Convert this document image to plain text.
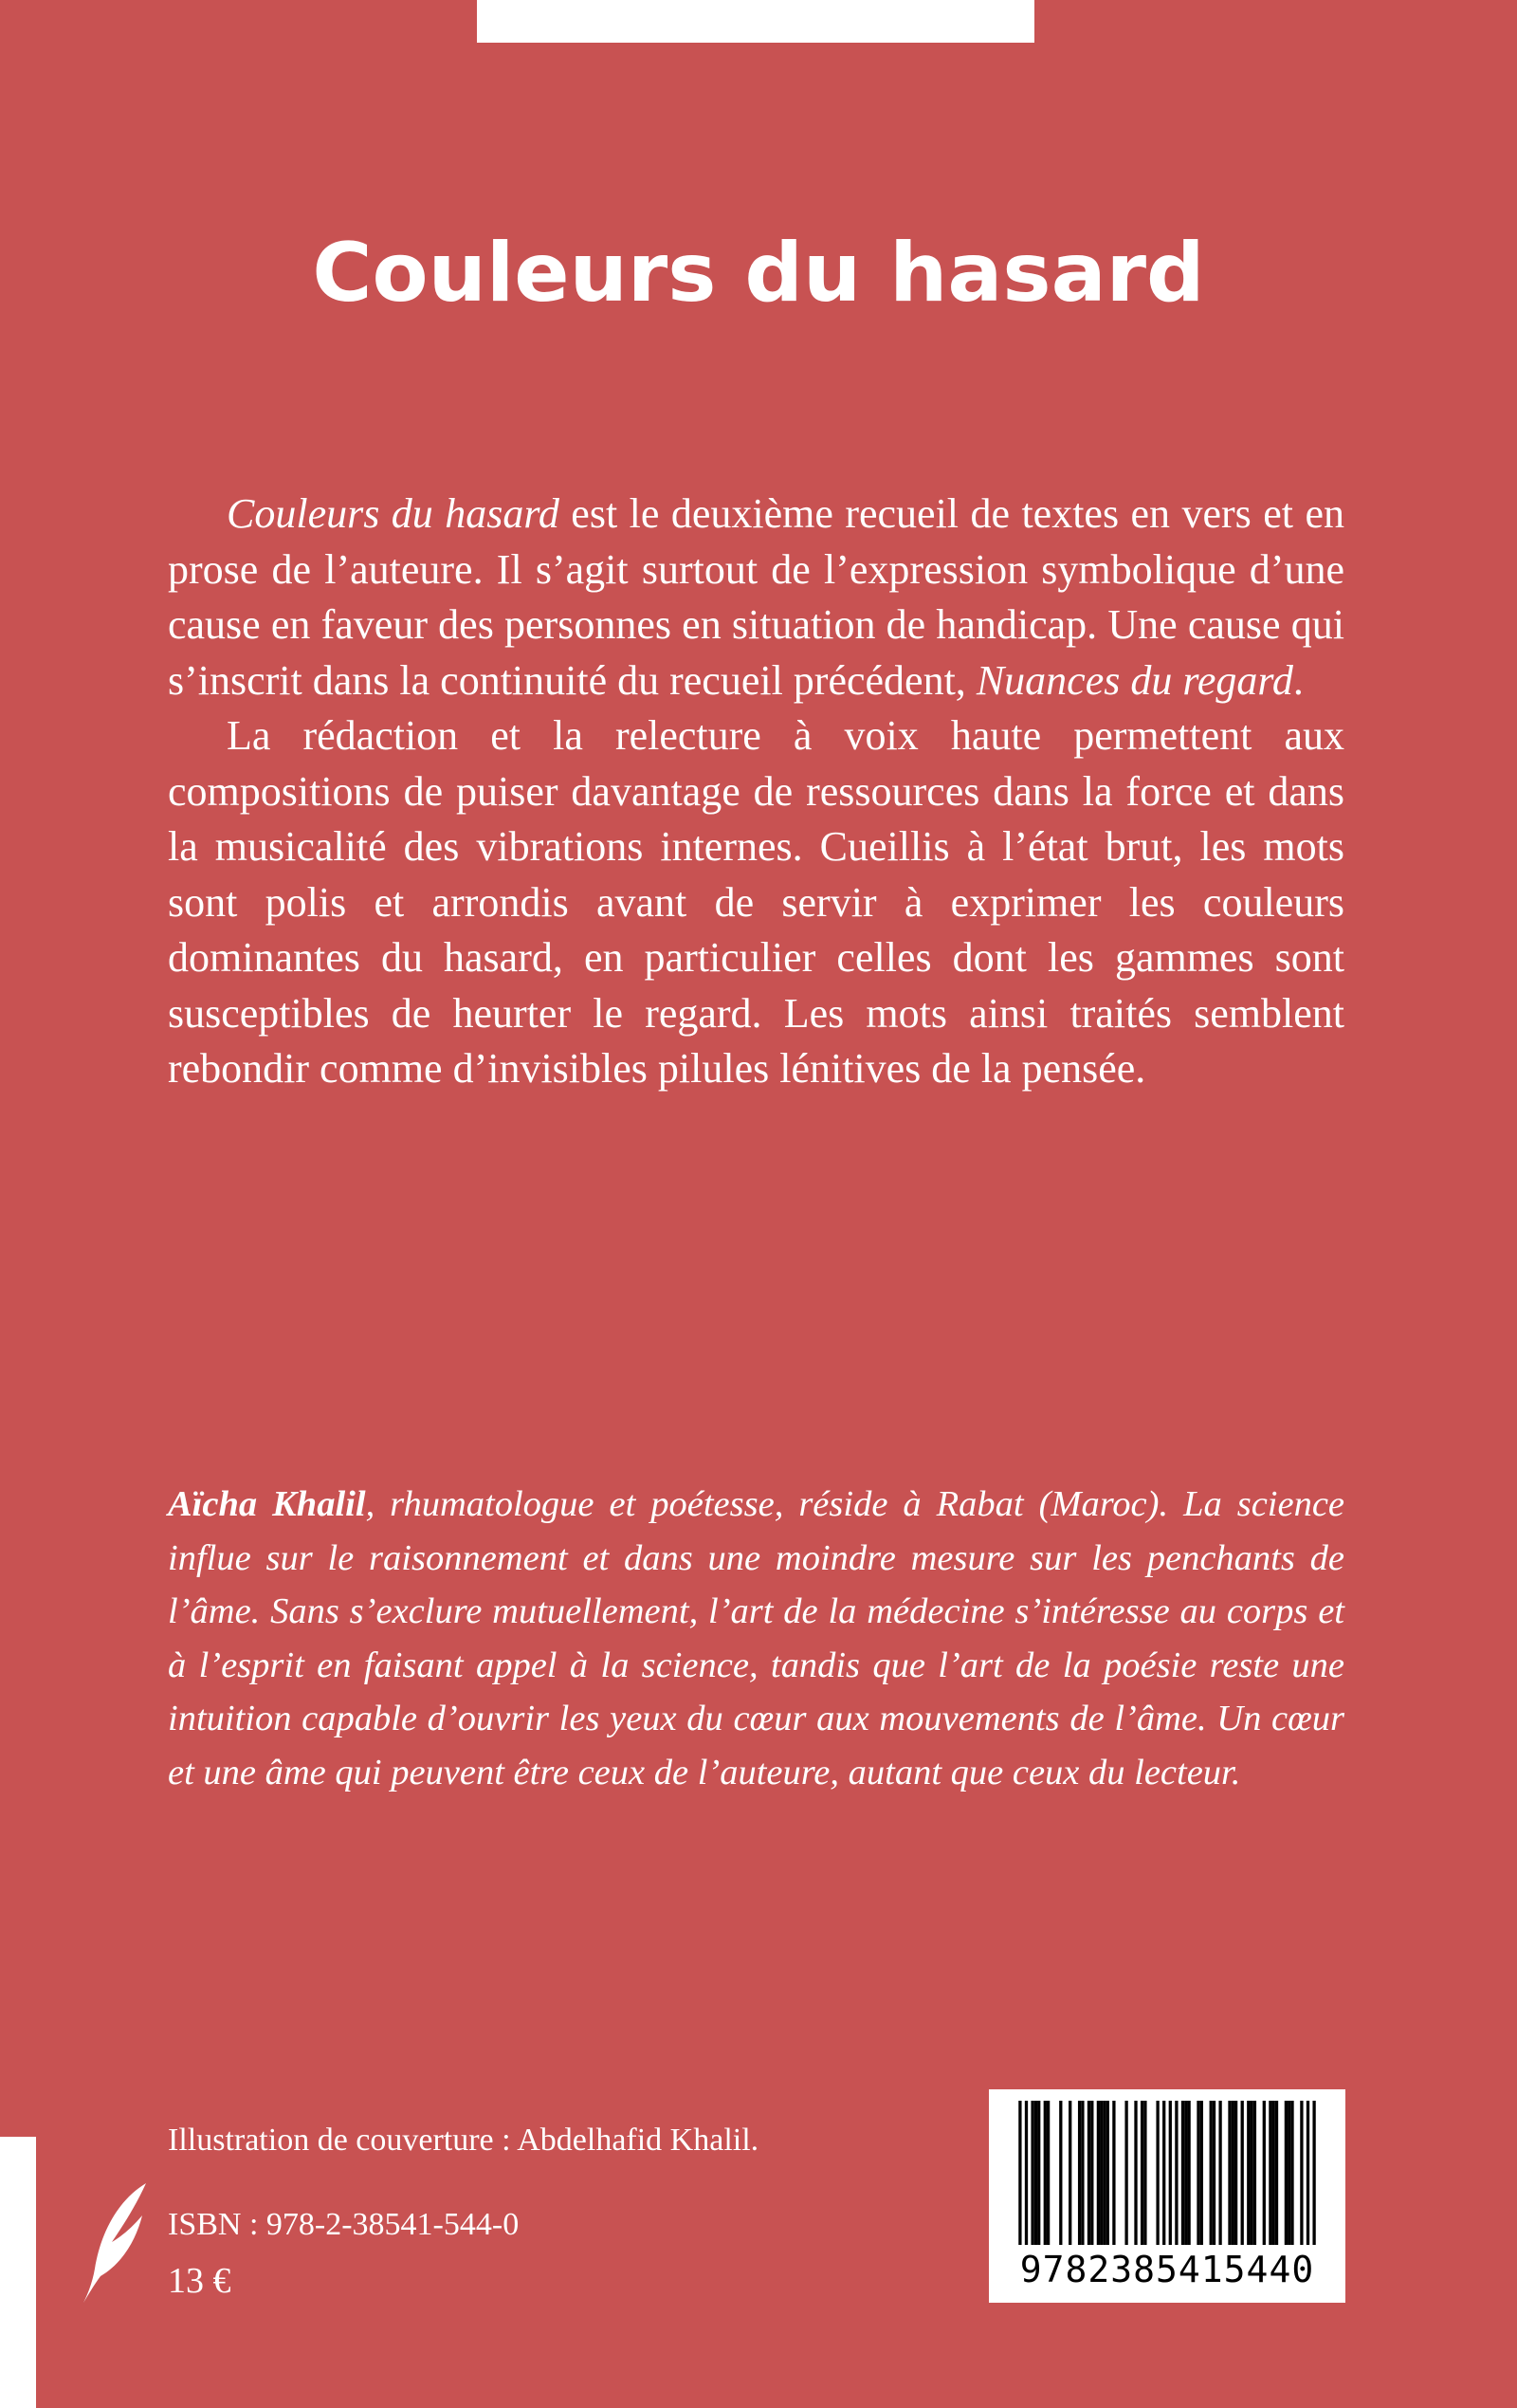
Couleurs du hasard

Couleurs du hasard est le deuxième recueil de textes en vers et en prose de l’auteure. Il s’agit surtout de l’expression symbolique d’une cause en faveur des personnes en situation de handicap. Une cause qui s’inscrit dans la continuité du recueil précédent, Nuances du regard.

La rédaction et la relecture à voix haute permettent aux compositions de puiser davantage de ressources dans la force et dans la musicalité des vibrations internes. Cueillis à l’état brut, les mots sont polis et arrondis avant de servir à exprimer les couleurs dominantes du hasard, en particulier celles dont les gammes sont susceptibles de heurter le regard. Les mots ainsi traités semblent rebondir comme d’invisibles pilules lénitives de la pensée.

Aïcha Khalil, rhumatologue et poétesse, réside à Rabat (Maroc). La science influe sur le raisonnement et dans une moindre mesure sur les penchants de l’âme. Sans s’exclure mutuellement, l’art de la médecine s’intéresse au corps et à l’esprit en faisant appel à la science, tandis que l’art de la poésie reste une intuition capable d’ouvrir les yeux du cœur aux mouvements de l’âme. Un cœur et une âme qui peuvent être ceux de l’auteure, autant que ceux du lecteur.

Illustration de couverture : Abdelhafid Khalil.
ISBN : 978-2-38541-544-0
13 €	9782385415440
